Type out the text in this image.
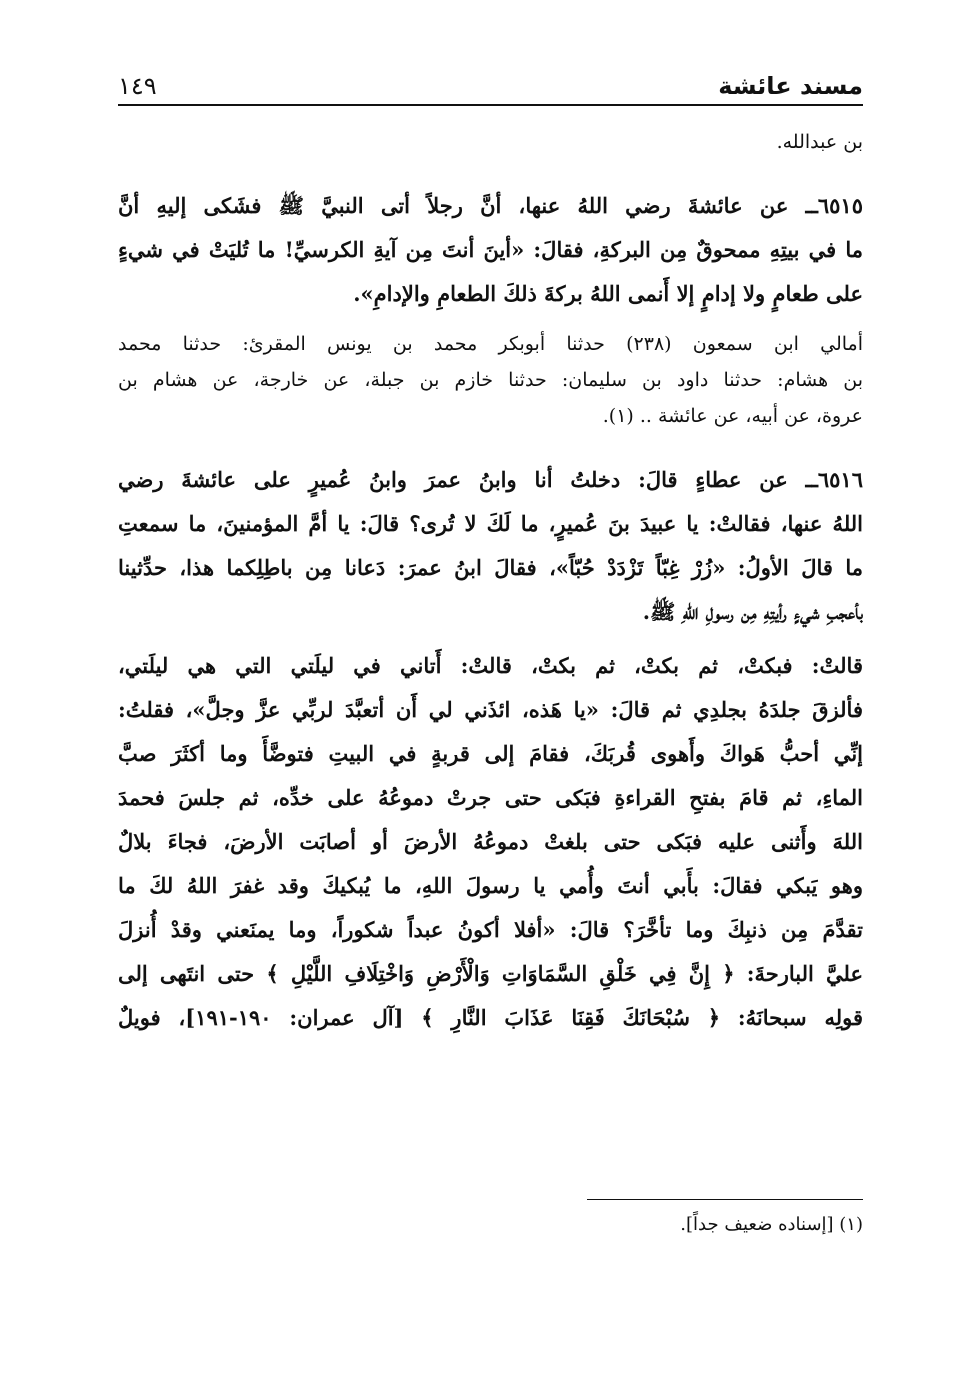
مسند عائشة
١٤٩
بن عبدالله.
٦٥١٥ــ عن عائشةَ رضي اللهُ عنها، أنَّ رجلاً أتى النبيَّ ﷺ فشَكى إليهِ أنَّ
ما في بيتِهِ ممحوقٌ مِن البركةِ، فقالَ: «أينَ أنتَ مِن آيةِ الكرسيِّ! ما تُليَتْ في شيءٍ
على طعامٍ ولا إدامٍ إلا أَنمى اللهُ بركةَ ذلكَ الطعامِ والإدامِ».
أمالي ابن سمعون (٢٣٨) حدثنا أبوبكر محمد بن يونس المقرئ: حدثنا محمد
بن هشام: حدثنا داود بن سليمان: حدثنا خازم بن جبلة، عن خارجة، عن هشام بن
عروة، عن أبيه، عن عائشة .. (١).
٦٥١٦ــ عن عطاءٍ قالَ: دخلتُ أنا وابنُ عمرَ وابنُ عُميرٍ على عائشةَ رضي
اللهُ عنها، فقالتْ: يا عبيدَ بنَ عُميرٍ، ما لَكَ لا تُرى؟ قالَ: يا أمَّ المؤمنينَ، ما سمعتِ
ما قالَ الأولُ: «زُرْ غِبّاً تَزْدَدْ حُبّاً»، فقالَ ابنُ عمرَ: دَعانا مِن باطِلِكما هذا، حدِّثينا
بأعجبِ شيءٍ رأيتِهِ مِن رسولِ اللهِ ﷺ.
قالتْ: فبكتْ، ثم بكتْ، ثم بكتْ، قالتْ: أَتاني في ليلَتي التي هي ليلَتي،
فألزقَ جلدَهُ بجلدِي ثم قالَ: «يا هَذه، ائذَني لي أَن أتعبَّدَ لربِّي عزَّ وجلَّ»، فقلتُ:
إنِّي أحبُّ هَواكَ وأَهوى قُربَكَ، فقامَ إلى قربةٍ في البيتِ فتوضَّأَ وما أكثَرَ صبَّ
الماءِ، ثم قامَ بفتحِ القراءةِ فبَكى حتى جرتْ دموعُهُ على خدِّه، ثم جلسَ فحمدَ
اللهَ وأَثنى عليه فبَكى حتى بلغتْ دموعُهُ الأرضَ أو أصابَت الأرضَ، فجاءَ بلالٌ
وهو يَبكي فقالَ: بأَبي أنتَ وأُمي يا رسولَ اللهِ، ما يُبكيكَ وقد غفرَ اللهُ لكَ ما
تقدَّمَ مِن ذنبِكَ وما تأخَّرَ؟ قالَ: «أفلا أكونُ عبداً شكوراً، وما يمنَعني وقدْ أُنزلَ
عليَّ البارحةَ: ﴿ إِنَّ فِي خَلْقِ السَّمَاوَاتِ وَالْأَرْضِ وَاخْتِلَافِ اللَّيْلِ ﴾ حتى انتَهى إلى
قولِه سبحانَهُ: ﴿ سُبْحَانَكَ فَقِنَا عَذَابَ النَّارِ ﴾ [آل عمران: ١٩٠-١٩١]، فويلٌ
(١) [إسناده ضعيف جداً].
